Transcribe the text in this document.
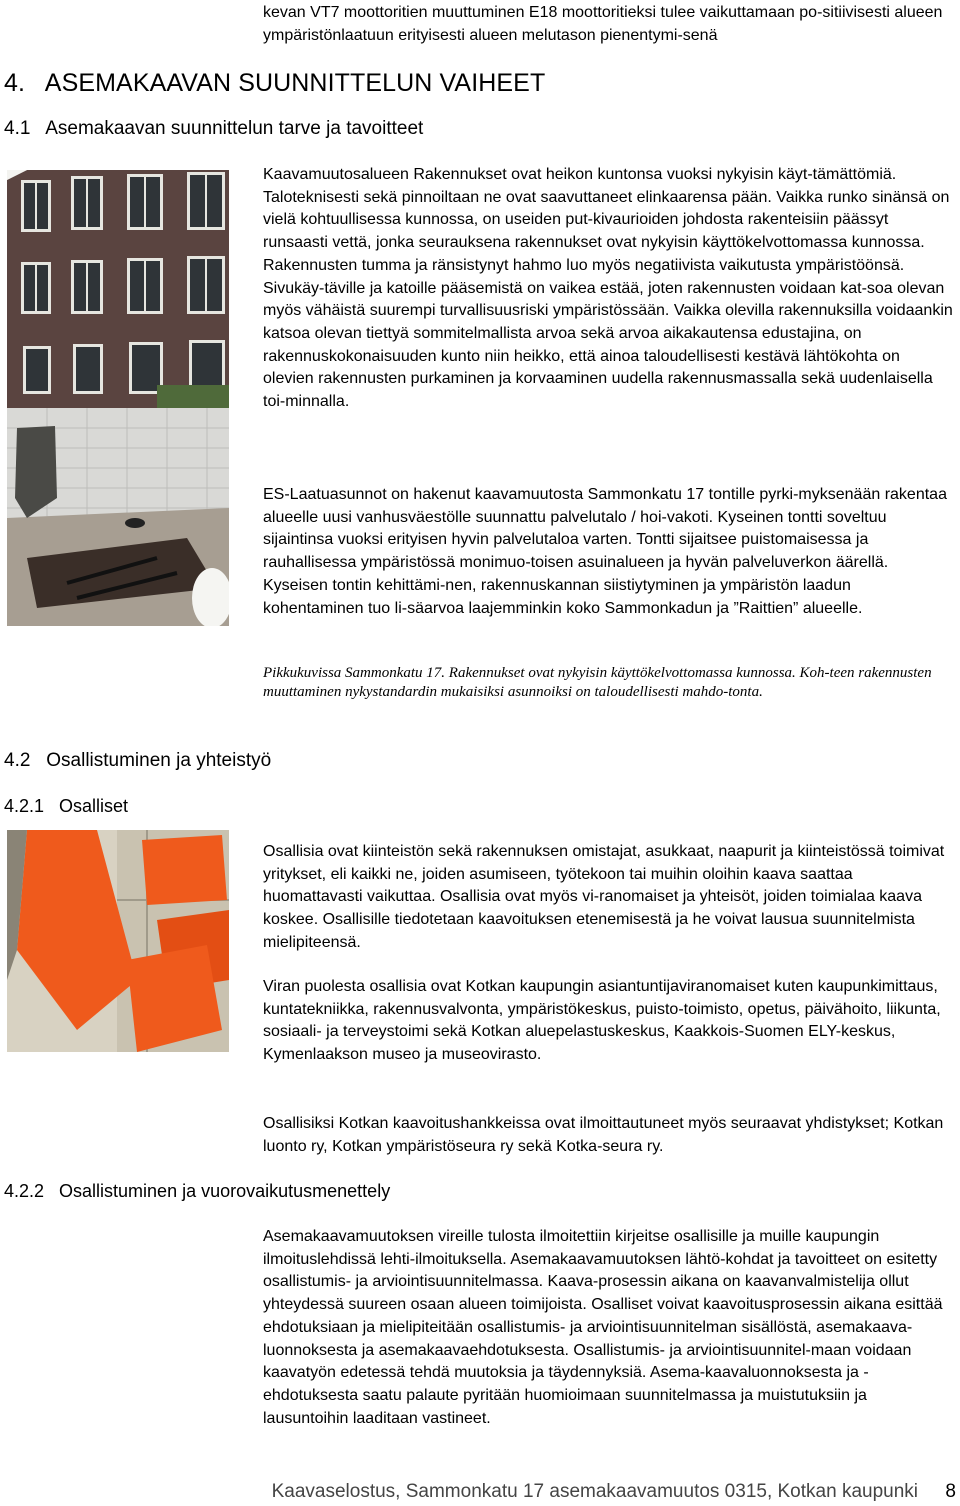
kevan VT7 moottoritien muuttuminen E18 moottoritieksi tulee vaikuttamaan po-sitiivisesti alueen ympäristönlaatuun erityisesti alueen melutason pienentymi-senä

4.   ASEMAKAAVAN SUUNNITTELUN VAIHEET
4.1   Asemakaavan suunnittelun tarve ja tavoitteet
4.2   Osallistuminen ja yhteistyö
4.2.1   Osalliset
4.2.2   Osallistuminen ja vuorovaikutusmenettely

Kaavamuutosalueen Rakennukset ovat heikon kuntonsa vuoksi nykyisin käyt-tämättömiä. Taloteknisesti sekä pinnoiltaan ne ovat saavuttaneet elinkaarensa pään. Vaikka runko sinänsä on vielä kohtuullisessa kunnossa, on useiden put-kivaurioiden johdosta rakenteisiin päässyt runsaasti vettä, jonka seurauksena rakennukset ovat nykyisin käyttökelvottomassa kunnossa. Rakennusten tumma ja ränsistynyt hahmo luo myös negatiivista vaikutusta ympäristöönsä. Sivukäy-täville ja katoille pääsemistä on vaikea estää, joten rakennusten voidaan kat-soa olevan myös vähäistä suurempi turvallisuusriski ympäristössään. Vaikka olevilla rakennuksilla voidaankin katsoa olevan tiettyä sommitelmallista arvoa sekä arvoa aikakautensa edustajina, on rakennuskokonaisuuden kunto niin heikko, että ainoa taloudellisesti kestävä lähtökohta on olevien rakennusten purkaminen ja korvaaminen uudella rakennusmassalla sekä uudenlaisella toi-minnalla.

ES-Laatuasunnot on hakenut kaavamuutosta Sammonkatu 17 tontille pyrki-myksenään rakentaa alueelle uusi vanhusväestölle suunnattu palvelutalo / hoi-vakoti. Kyseinen tontti soveltuu sijaintinsa vuoksi erityisen hyvin palvelutaloa varten. Tontti sijaitsee puistomaisessa ja rauhallisessa ympäristössä monimuo-toisen asuinalueen ja hyvän palveluverkon äärellä. Kyseisen tontin kehittämi-nen, rakennuskannan siistiytyminen ja ympäristön laadun kohentaminen tuo li-säarvoa laajemminkin koko Sammonkadun ja ”Raittien” alueelle.

Pikkukuvissa Sammonkatu 17. Rakennukset ovat nykyisin käyttökelvottomassa kunnossa. Koh-teen rakennusten muuttaminen nykystandardin mukaisiksi asunnoiksi on taloudellisesti mahdo-tonta.

Osallisia ovat kiinteistön sekä rakennuksen omistajat, asukkaat, naapurit ja kiinteistössä toimivat yritykset, eli kaikki ne, joiden asumiseen, työtekoon tai muihin oloihin kaava saattaa huomattavasti vaikuttaa. Osallisia ovat myös vi-ranomaiset ja yhteisöt, joiden toimialaa kaava koskee. Osallisille tiedotetaan kaavoituksen etenemisestä ja he voivat lausua suunnitelmista mielipiteensä.

Viran puolesta osallisia ovat Kotkan kaupungin asiantuntijaviranomaiset kuten kaupunkimittaus, kuntatekniikka, rakennusvalvonta, ympäristökeskus, puisto-toimisto, opetus, päivähoito, liikunta, sosiaali- ja terveystoimi sekä Kotkan aluepelastuskeskus, Kaakkois-Suomen ELY-keskus, Kymenlaakson museo ja museovirasto.

Osallisiksi Kotkan kaavoitushankkeissa ovat ilmoittautuneet myös seuraavat yhdistykset; Kotkan luonto ry, Kotkan ympäristöseura ry sekä Kotka-seura ry.

Asemakaavamuutoksen vireille tulosta ilmoitettiin kirjeitse osallisille ja muille kaupungin ilmoituslehdissä lehti-ilmoituksella. Asemakaavamuutoksen lähtö-kohdat ja tavoitteet on esitetty osallistumis- ja arviointisuunnitelmassa. Kaava-prosessin aikana on kaavanvalmistelija ollut yhteydessä suureen osaan alueen toimijoista. Osalliset voivat kaavoitusprosessin aikana esittää ehdotuksiaan ja mielipiteitään osallistumis- ja arviointisuunnitelman sisällöstä, asemakaava-luonnoksesta ja asemakaavaehdotuksesta. Osallistumis- ja arviointisuunnitel-maan voidaan kaavatyön edetessä tehdä muutoksia ja täydennyksiä. Asema-kaavaluonnoksesta ja -ehdotuksesta saatu palaute pyritään huomioimaan suunnitelmassa ja muistutuksiin ja lausuntoihin laaditaan vastineet.

Kaavaselostus, Sammonkatu 17 asemakaavamuutos 0315, Kotkan kaupunki 8
